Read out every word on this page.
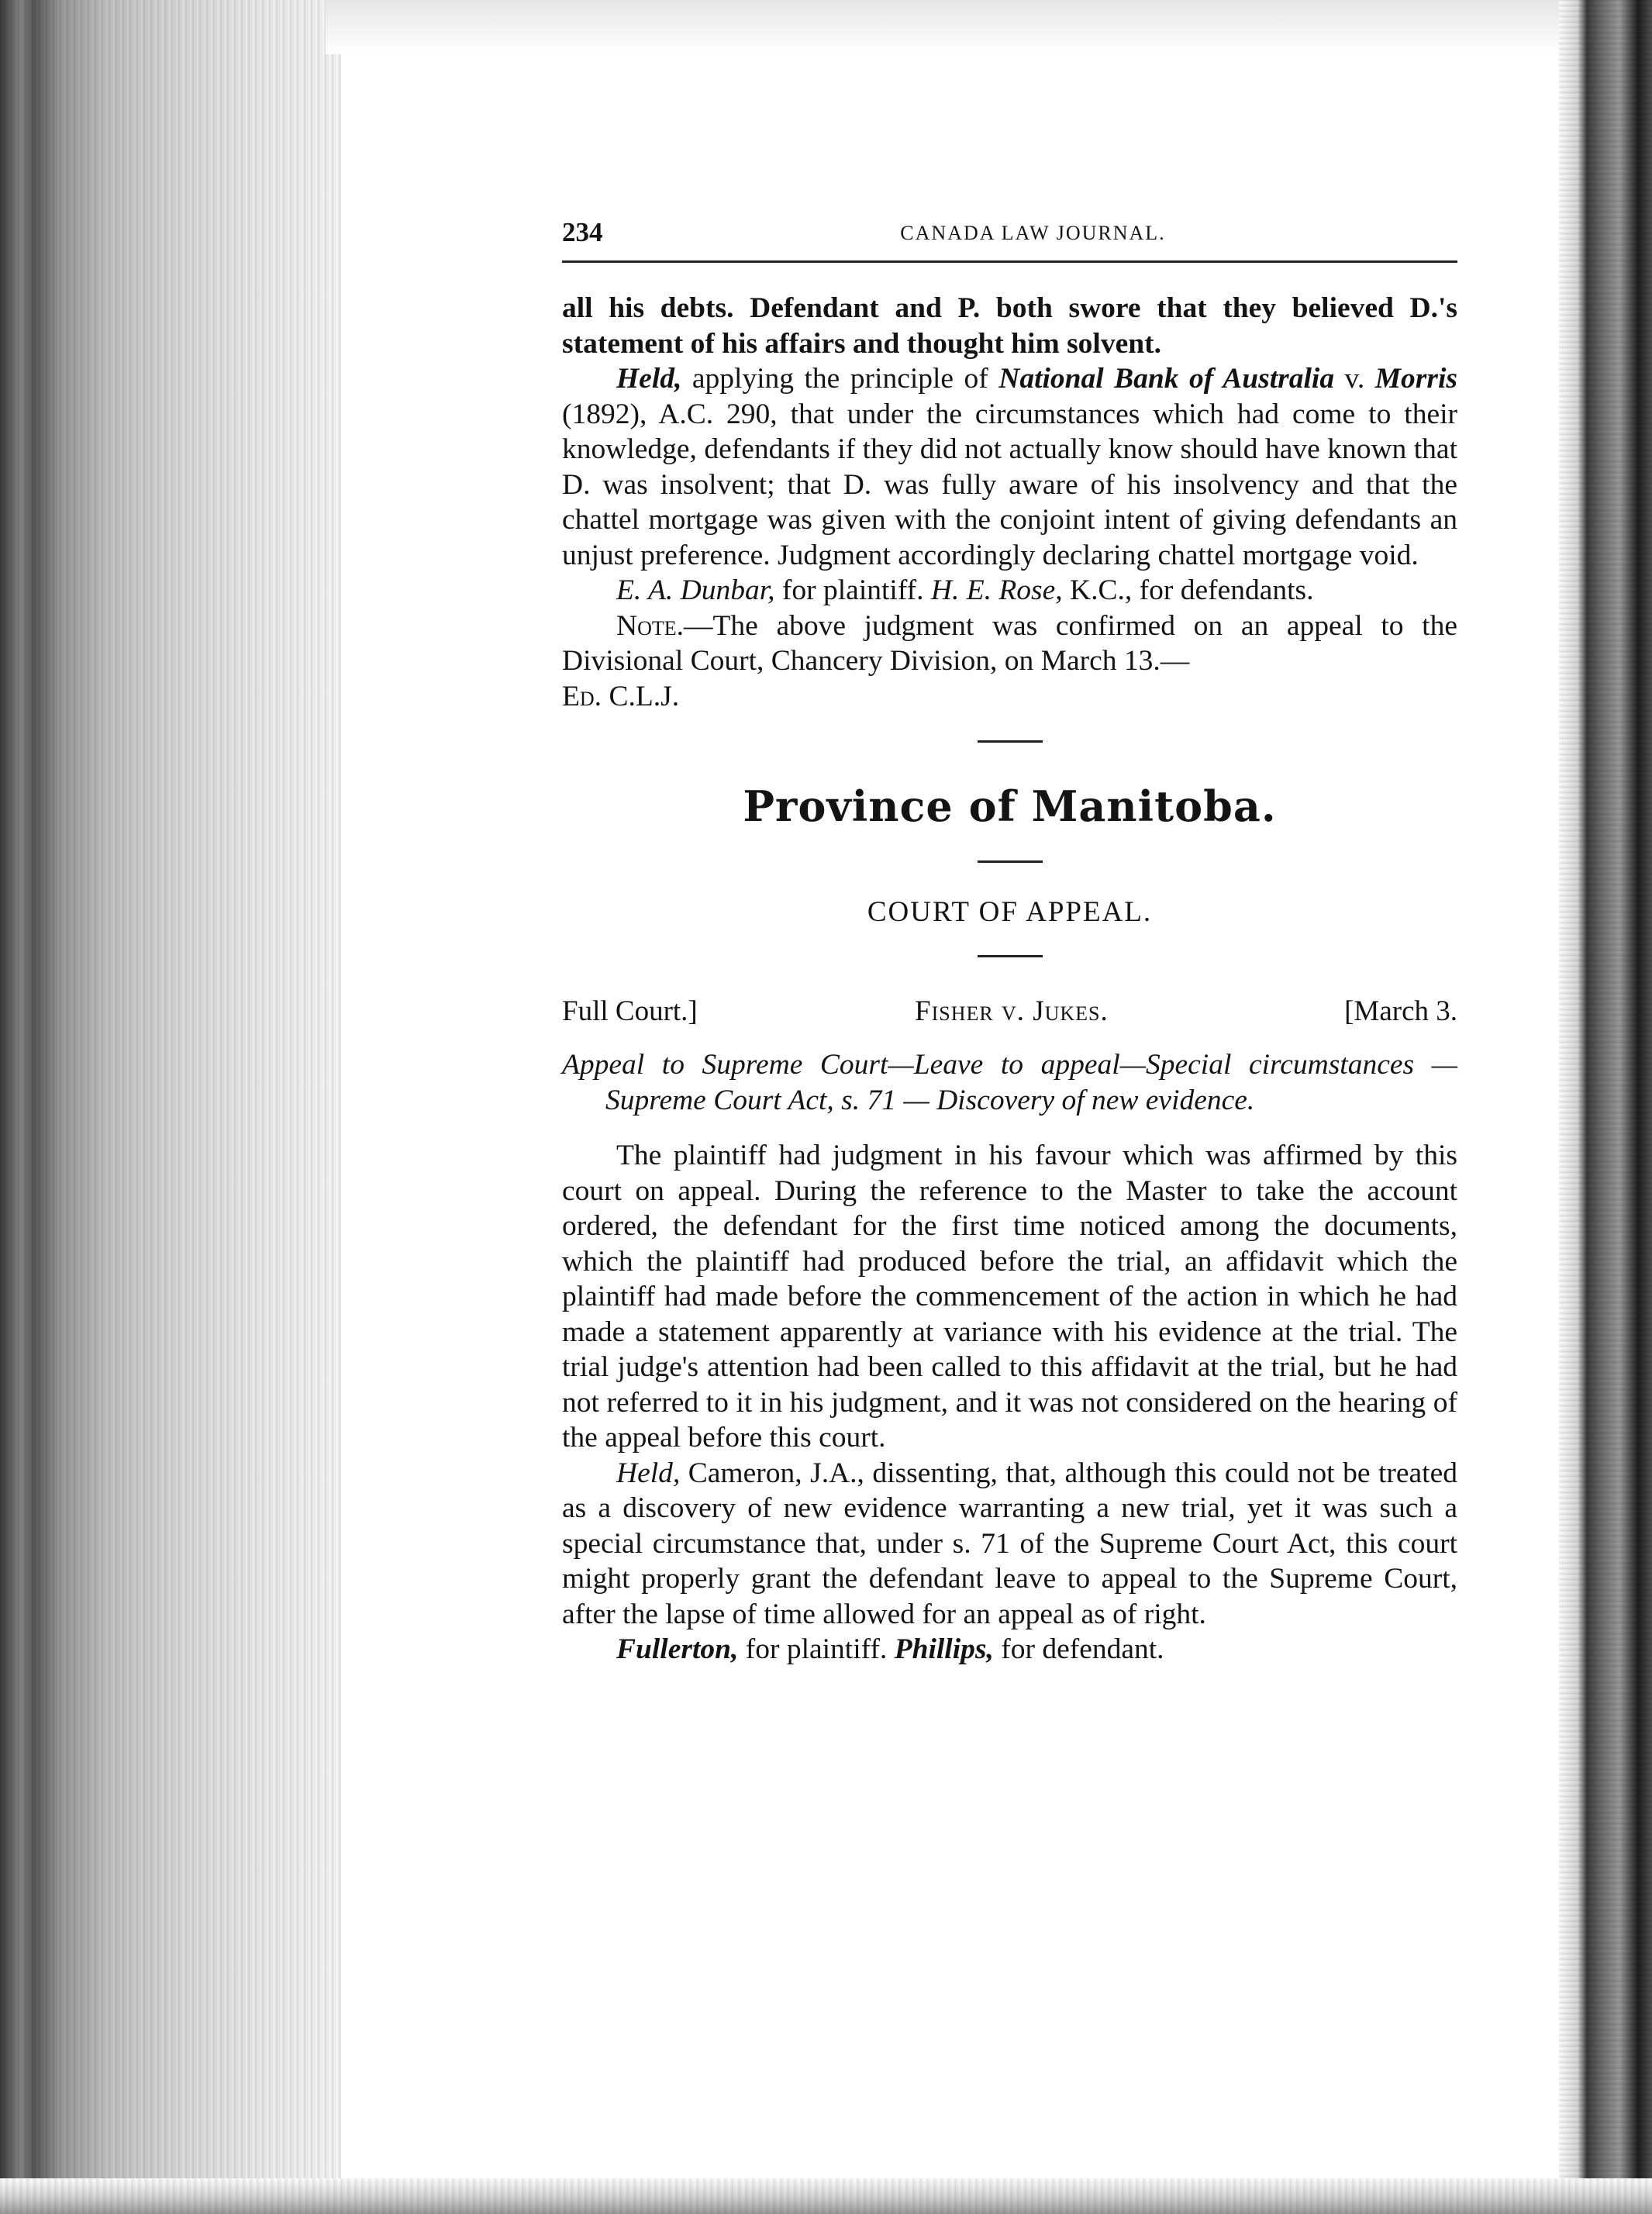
234	CANADA LAW JOURNAL.

all his debts. Defendant and P. both swore that they believed D.'s statement of his affairs and thought him solvent.

Held, applying the principle of National Bank of Australia v. Morris (1892), A.C. 290, that under the circumstances which had come to their knowledge, defendants if they did not actually know should have known that D. was insolvent; that D. was fully aware of his insolvency and that the chattel mortgage was given with the conjoint intent of giving defendants an unjust preference. Judgment accordingly declaring chattel mortgage void.

E. A. Dunbar, for plaintiff. H. E. Rose, K.C., for defendants.

Note.—The above judgment was confirmed on an appeal to the Divisional Court, Chancery Division, on March 13.—
Ed. C.L.J.

Province of Manitoba.
COURT OF APPEAL.
Full Court.]	Fisher v. Jukes.	[March 3.
Appeal to Supreme Court—Leave to appeal—Special circumstances — Supreme Court Act, s. 71 — Discovery of new evidence.

The plaintiff had judgment in his favour which was affirmed by this court on appeal. During the reference to the Master to take the account ordered, the defendant for the first time noticed among the documents, which the plaintiff had produced before the trial, an affidavit which the plaintiff had made before the commencement of the action in which he had made a statement apparently at variance with his evidence at the trial. The trial judge's attention had been called to this affidavit at the trial, but he had not referred to it in his judgment, and it was not considered on the hearing of the appeal before this court.

Held, Cameron, J.A., dissenting, that, although this could not be treated as a discovery of new evidence warranting a new trial, yet it was such a special circumstance that, under s. 71 of the Supreme Court Act, this court might properly grant the defendant leave to appeal to the Supreme Court, after the lapse of time allowed for an appeal as of right.

Fullerton, for plaintiff. Phillips, for defendant.
